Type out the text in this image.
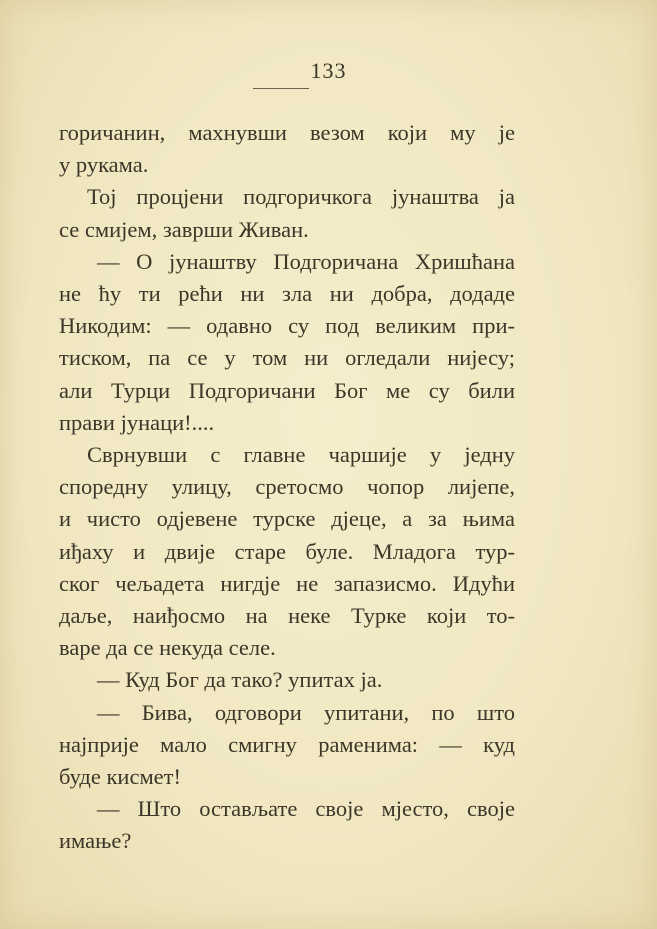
133
горичанин, махнувши везом који му је
у рукама.
Тој процјени подгоричкога јунаштва ја
се смијем, заврши Живан.
— О јунаштву Подгоричана Хришћана
не ћу ти рећи ни зла ни добра, додаде
Никодим: — одавно су под великим при-
тиском, па се у том ни огледали нијесу;
али Турци Подгоричани Бог ме су били
прави јунаци!....
Сврнувши с главне чаршије у једну
споредну улицу, сретосмо чопор лијепе,
и чисто одјевене турске дјеце, а за њима
иђаху и двије старе буле. Младога тур-
ског чељадета нигдје не запазисмо. Идући
даље, наиђосмо на неке Турке који то-
варе да се некуда селе.
— Куд Бог да тако? упитах ја.
— Бива, одговори упитани, по што
најприје мало смигну раменима: — куд
буде кисмет!
— Што остављате своје мјесто, своје
имање?
